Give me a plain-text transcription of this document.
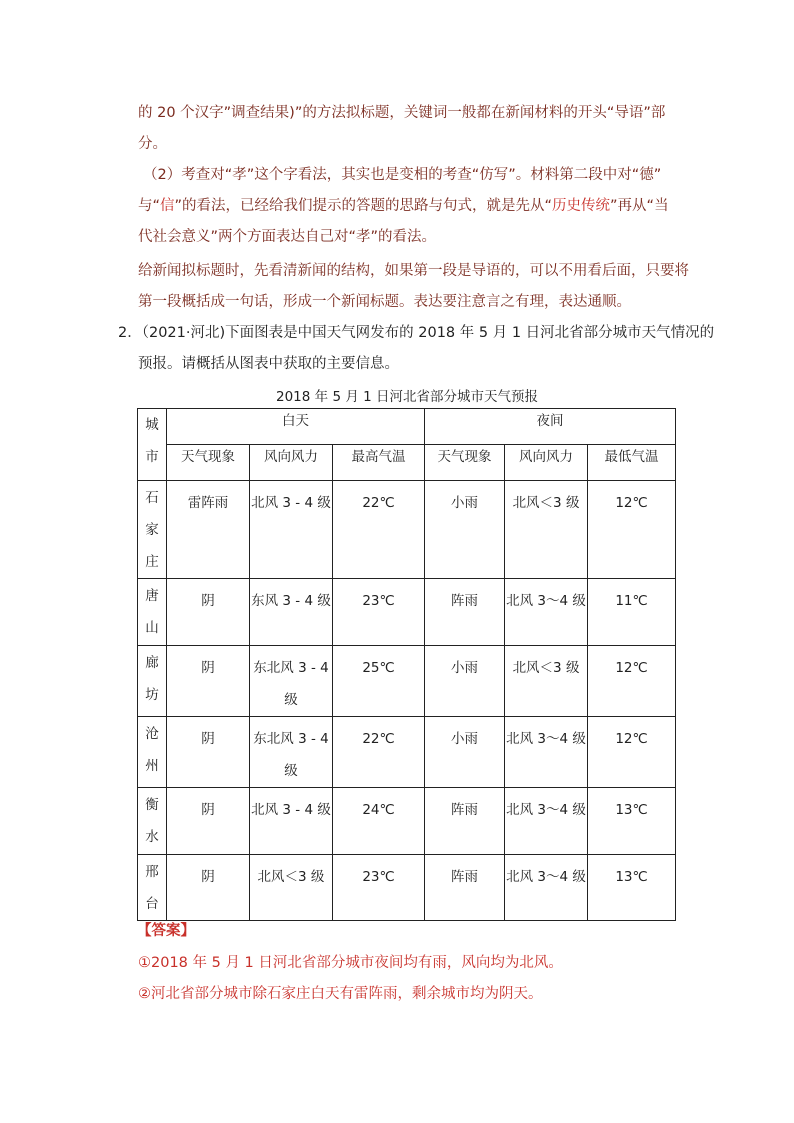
的 20 个汉字”调查结果)”的方法拟标题，关键词一般都在新闻材料的开头“导语”部
分。
（2）考查对“孝”这个字看法，其实也是变相的考查“仿写”。材料第二段中对“德”
与“信”的看法，已经给我们提示的答题的思路与句式，就是先从“历史传统”再从“当
代社会意义”两个方面表达自己对“孝”的看法。
给新闻拟标题时，先看清新闻的结构，如果第一段是导语的，可以不用看后面，只要将
第一段概括成一句话，形成一个新闻标题。表达要注意言之有理，表达通顺。
2．（2021·河北)下面图表是中国天气网发布的 2018 年 5 月 1 日河北省部分城市天气情况的
预报。请概括从图表中获取的主要信息。
2018 年 5 月 1 日河北省部分城市天气预报
城
市	白天			夜间		
	天气现象	风向风力	最高气温	天气现象	风向风力	最低气温

石
家
庄	雷阵雨	北风 3 - 4 级	22℃	小雨	北风＜3 级	12℃

唐
山	阴	东风 3 - 4 级	23℃	阵雨	北风 3～4 级	11℃

廊
坊	阴	东北风 3 - 4
级	25℃	小雨	北风＜3 级	12℃

沧
州	阴	东北风 3 - 4
级	22℃	小雨	北风 3～4 级	12℃

衡
水	阴	北风 3 - 4 级	24℃	阵雨	北风 3～4 级	13℃

邢
台	阴	北风＜3 级	23℃	阵雨	北风 3～4 级	13℃
【答案】
①2018 年 5 月 1 日河北省部分城市夜间均有雨，风向均为北风。
②河北省部分城市除石家庄白天有雷阵雨，剩余城市均为阴天。
